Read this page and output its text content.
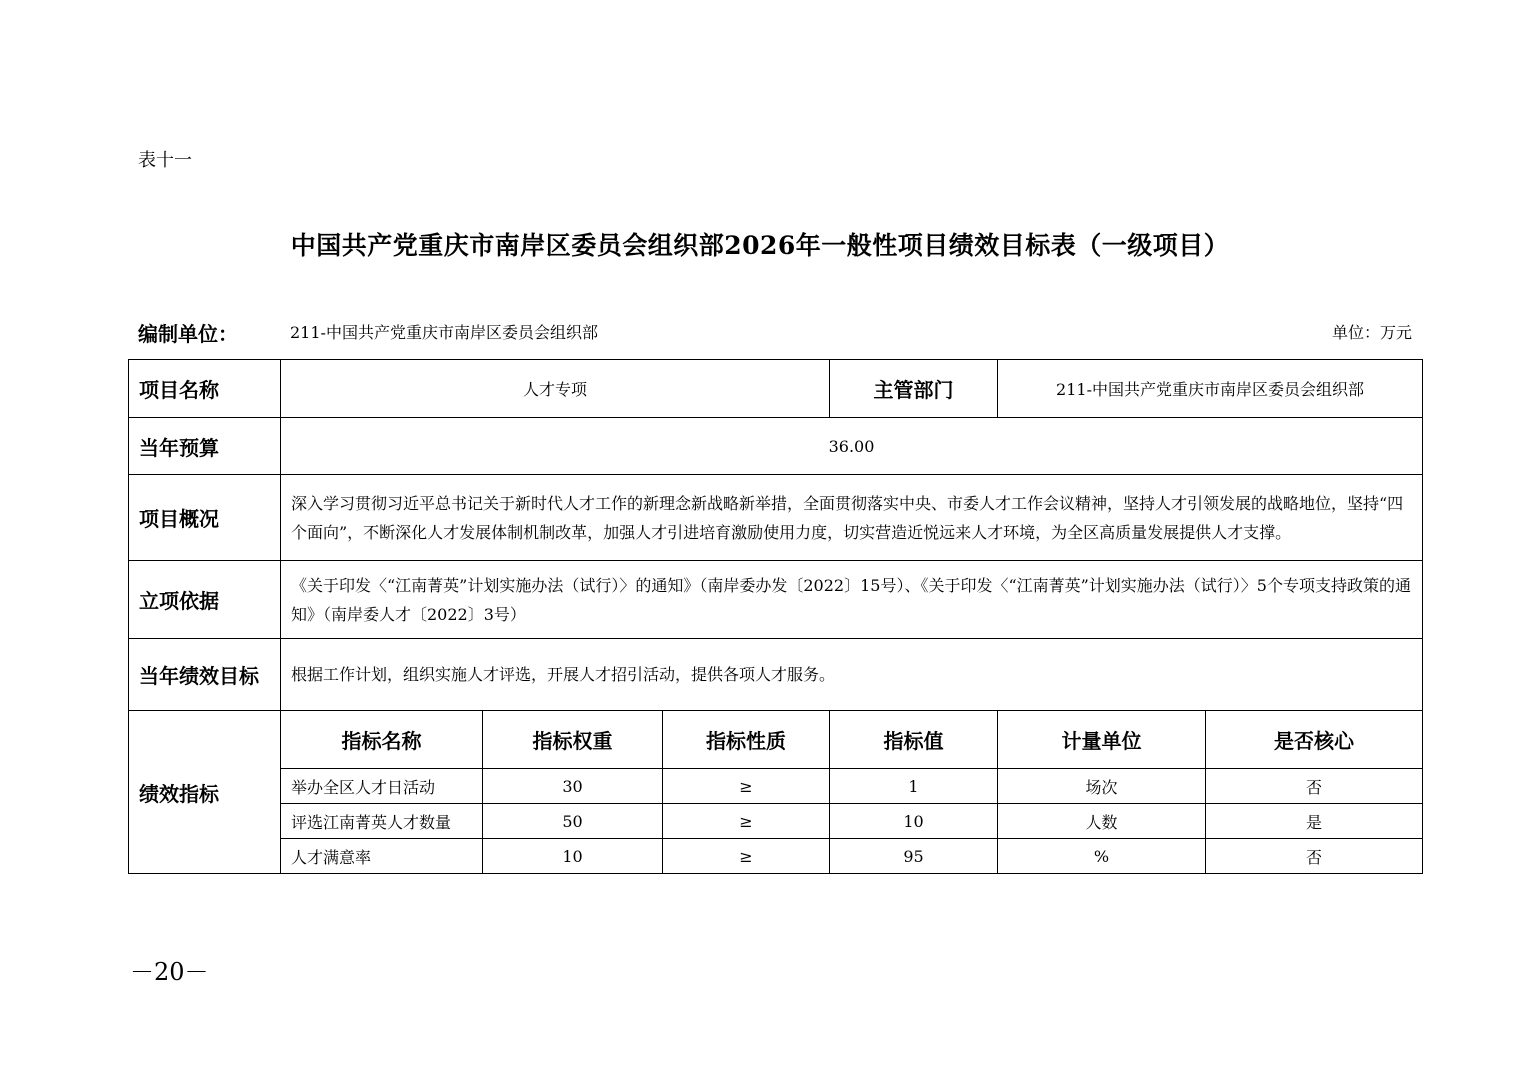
表十一
中国共产党重庆市南岸区委员会组织部2026年一般性项目绩效目标表（一级项目）
编制单位：	211-中国共产党重庆市南岸区委员会组织部	单位：万元
项目名称	人才专项			主管部门	211-中国共产党重庆市南岸区委员会组织部	
当年预算	36.00					
项目概况	深入学习贯彻习近平总书记关于新时代人才工作的新理念新战略新举措，全面贯彻落实中央、市委人才工作会议精神，坚持人才引领发展的战略地位，坚持“四个面向”，不断深化人才发展体制机制改革，加强人才引进培育激励使用力度，切实营造近悦远来人才环境，为全区高质量发展提供人才支撑。					
立项依据	《关于印发〈“江南菁英”计划实施办法（试行）〉的通知》（南岸委办发〔2022〕15号）、《关于印发〈“江南菁英”计划实施办法（试行）〉5个专项支持政策的通知》（南岸委人才〔2022〕3号）					
当年绩效目标	根据工作计划，组织实施人才评选，开展人才招引活动，提供各项人才服务。					
绩效指标	指标名称	指标权重	指标性质	指标值	计量单位	是否核心
	举办全区人才日活动	30	≥	1	场次	否
	评选江南菁英人才数量	50	≥	10	人数	是
	人才满意率	10	≥	95	%	否
－20－
